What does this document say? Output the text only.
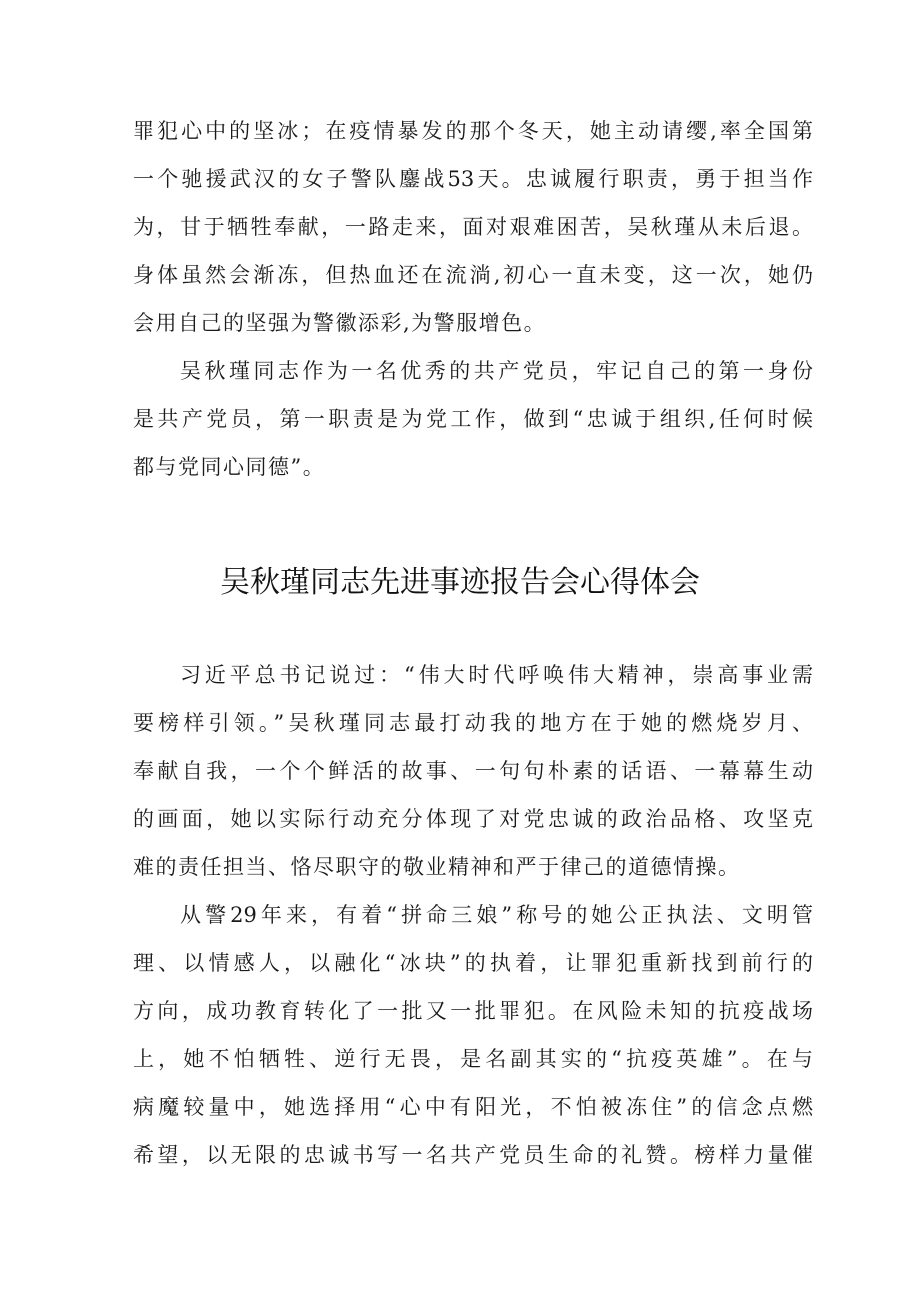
罪犯心中的坚冰；在疫情暴发的那个冬天，她主动请缨,率全国第
一个驰援武汉的女子警队鏖战53天。忠诚履行职责，勇于担当作
为，甘于牺牲奉献，一路走来，面对艰难困苦，吴秋瑾从未后退。
身体虽然会渐冻，但热血还在流淌,初心一直未变，这一次，她仍
会用自己的坚强为警徽添彩,为警服增色。
吴秋瑾同志作为一名优秀的共产党员，牢记自己的第一身份
是共产党员，第一职责是为党工作，做到“忠诚于组织,任何时候
都与党同心同德”。
吴秋瑾同志先进事迹报告会心得体会
习近平总书记说过：“伟大时代呼唤伟大精神，崇高事业需
要榜样引领。”吴秋瑾同志最打动我的地方在于她的燃烧岁月、
奉献自我，一个个鲜活的故事、一句句朴素的话语、一幕幕生动
的画面，她以实际行动充分体现了对党忠诚的政治品格、攻坚克
难的责任担当、恪尽职守的敬业精神和严于律己的道德情操。
从警29年来，有着“拼命三娘”称号的她公正执法、文明管
理、以情感人，以融化“冰块”的执着，让罪犯重新找到前行的
方向，成功教育转化了一批又一批罪犯。在风险未知的抗疫战场
上，她不怕牺牲、逆行无畏，是名副其实的“抗疫英雄”。在与
病魔较量中，她选择用“心中有阳光，不怕被冻住”的信念点燃
希望，以无限的忠诚书写一名共产党员生命的礼赞。榜样力量催
